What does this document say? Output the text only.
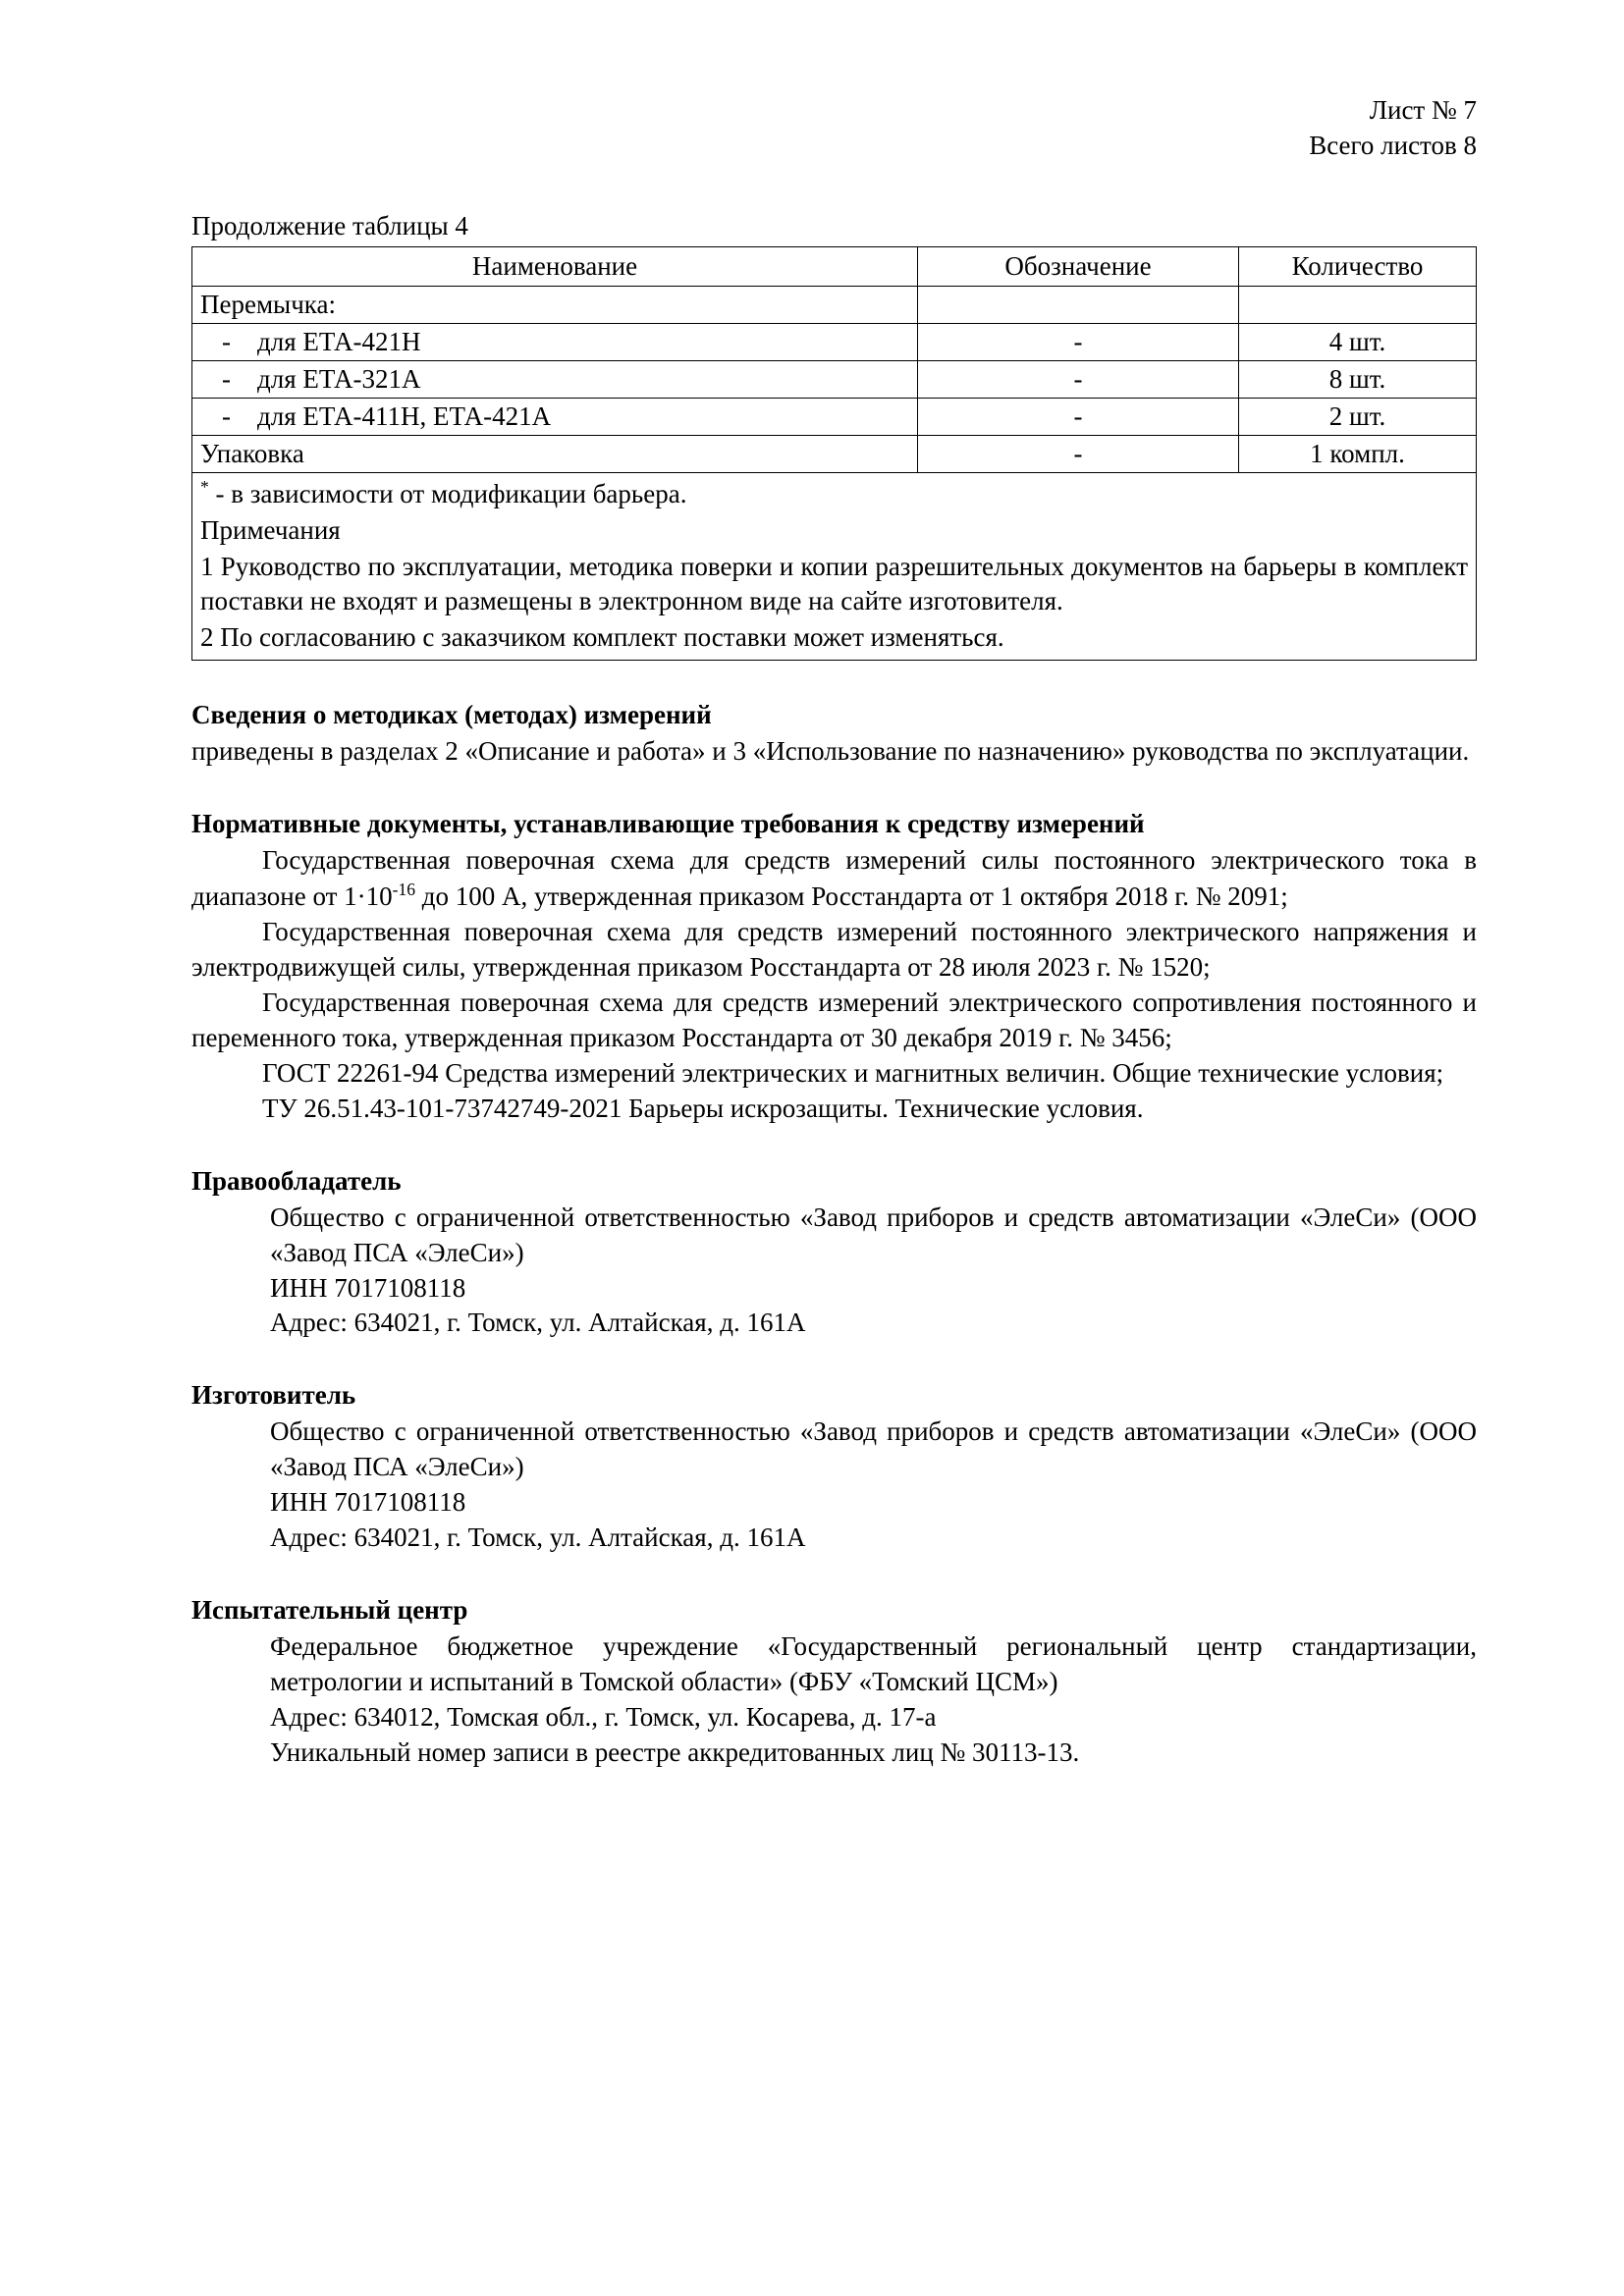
Лист № 7
Всего листов 8
Продолжение таблицы 4
Наименование	Обозначение	Количество
Перемычка:		

- для ЕТА-421Н	-	4 шт.

- для ЕТА-321А	-	8 шт.

- для ЕТА-411Н, ЕТА-421А	-	2 шт.
Упаковка	-	1 компл.

* - в зависимости от модификации барьера.

Примечания

1 Руководство по эксплуатации, методика поверки и копии разрешительных документов на барьеры в комплект поставки не входят и размещены в электронном виде на сайте изготовителя.

2 По согласованию с заказчиком комплект поставки может изменяться.		

Сведения о методиках (методах) измерений

приведены в разделах 2 «Описание и работа» и 3 «Использование по назначению» руководства по эксплуатации.

Нормативные документы, устанавливающие требования к средству измерений

Государственная поверочная схема для средств измерений силы постоянного электрического тока в диапазоне от $1\cdot 10^{-16}$ до 100 А, утвержденная приказом Росстандарта от 1 октября 2018 г. № 2091;

Государственная поверочная схема для средств измерений постоянного электрического напряжения и электродвижущей силы, утвержденная приказом Росстандарта от 28 июля 2023 г. № 1520;

Государственная поверочная схема для средств измерений электрического сопротивления постоянного и переменного тока, утвержденная приказом Росстандарта от 30 декабря 2019 г. № 3456;

ГОСТ 22261-94 Средства измерений электрических и магнитных величин. Общие технические условия;

ТУ 26.51.43-101-73742749-2021 Барьеры искрозащиты. Технические условия.

Правообладатель

Общество с ограниченной ответственностью «Завод приборов и средств автоматизации «ЭлеСи» (ООО «Завод ПСА «ЭлеСи»)

ИНН 7017108118

Адрес: 634021, г. Томск, ул. Алтайская, д. 161А

Изготовитель

Общество с ограниченной ответственностью «Завод приборов и средств автоматизации «ЭлеСи» (ООО «Завод ПСА «ЭлеСи»)

ИНН 7017108118

Адрес: 634021, г. Томск, ул. Алтайская, д. 161А

Испытательный центр

Федеральное бюджетное учреждение «Государственный региональный центр стандартизации, метрологии и испытаний в Томской области» (ФБУ «Томский ЦСМ»)

Адрес: 634012, Томская обл., г. Томск, ул. Косарева, д. 17-а

Уникальный номер записи в реестре аккредитованных лиц № 30113-13.
